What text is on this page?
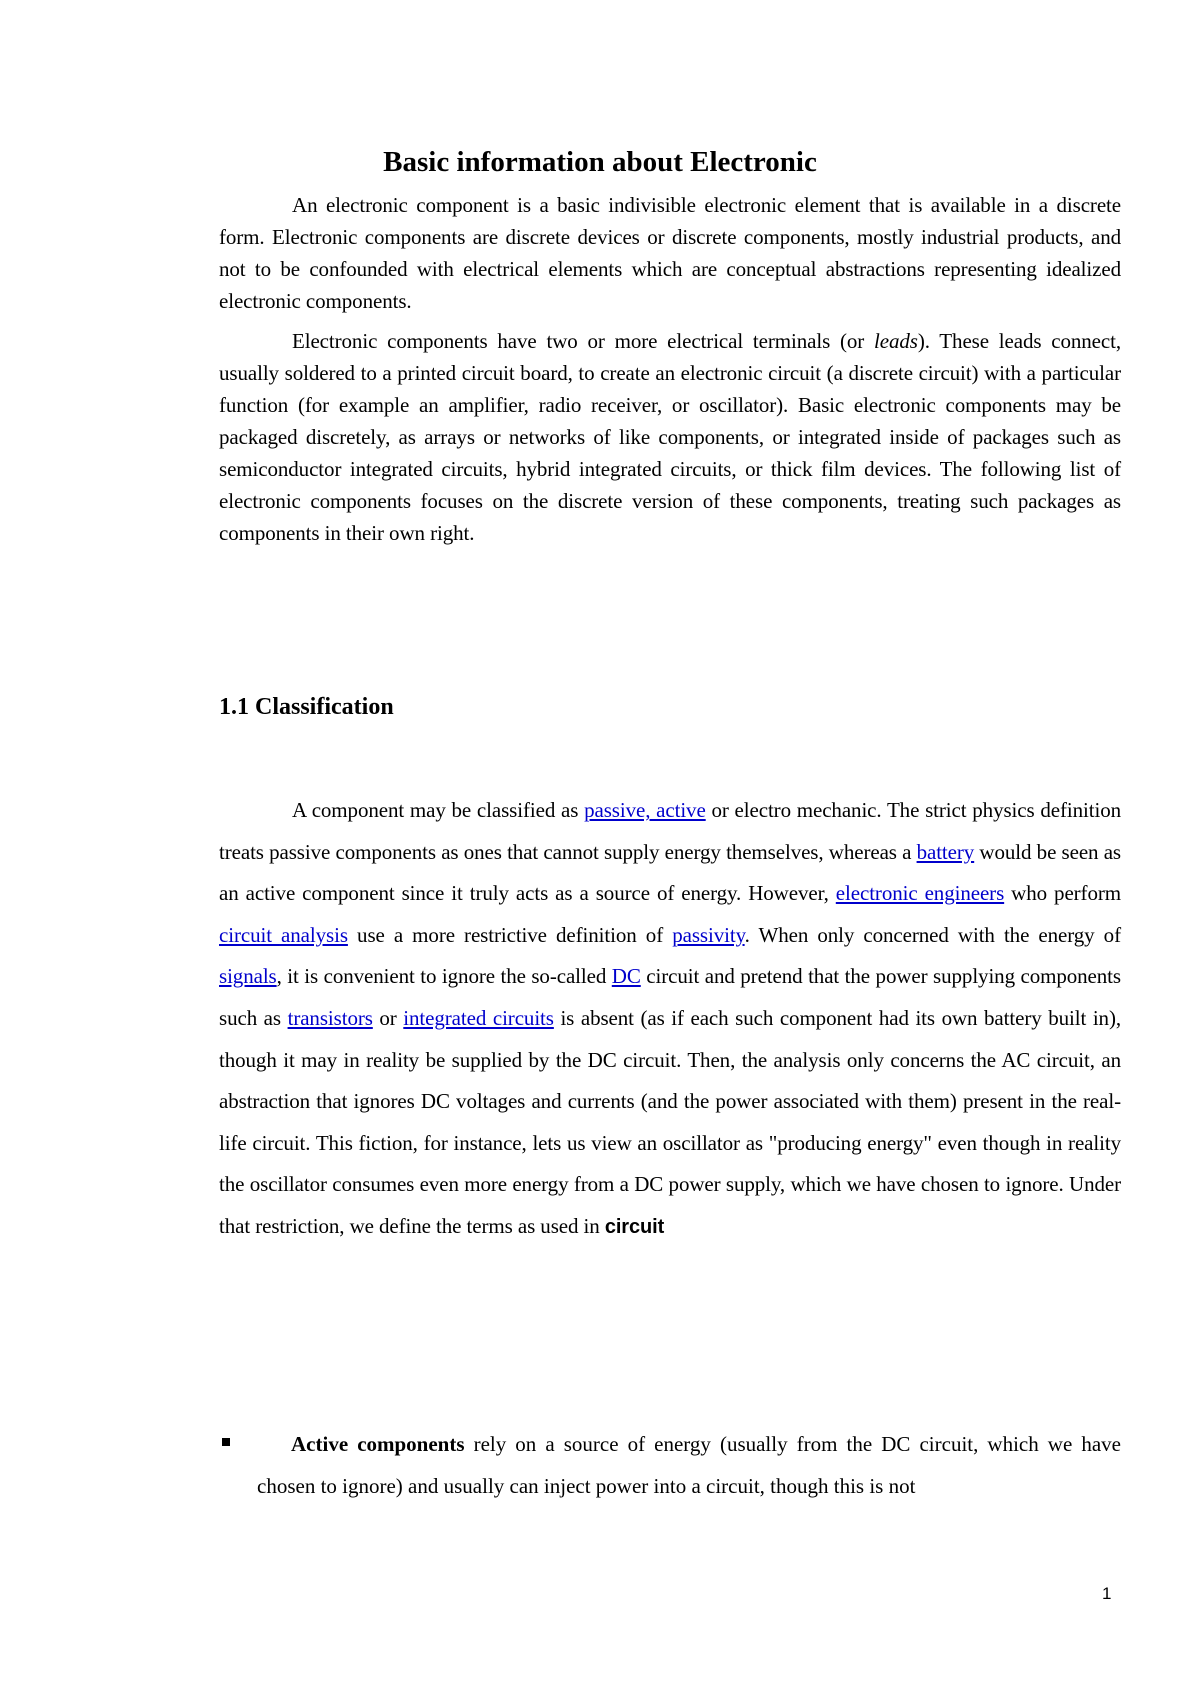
Basic information about Electronic

An electronic component is a basic indivisible electronic element that is available in a discrete form. Electronic components are discrete devices or discrete components, mostly industrial products, and not to be confounded with electrical elements which are conceptual abstractions representing idealized electronic components.

Electronic components have two or more electrical terminals (or leads). These leads connect, usually soldered to a printed circuit board, to create an electronic circuit (a discrete circuit) with a particular function (for example an amplifier, radio receiver, or oscillator). Basic electronic components may be packaged discretely, as arrays or networks of like components, or integrated inside of packages such as semiconductor integrated circuits, hybrid integrated circuits, or thick film devices. The following list of electronic components focuses on the discrete version of these components, treating such packages as components in their own right.

1.1 Classification

A component may be classified as passive, active or electro mechanic. The strict physics definition treats passive components as ones that cannot supply energy themselves, whereas a battery would be seen as an active component since it truly acts as a source of energy. However, electronic engineers who perform circuit analysis use a more restrictive definition of passivity. When only concerned with the energy of signals, it is convenient to ignore the so-called DC circuit and pretend that the power supplying components such as transistors or integrated circuits is absent (as if each such component had its own battery built in), though it may in reality be supplied by the DC circuit. Then, the analysis only concerns the AC circuit, an abstraction that ignores DC voltages and currents (and the power associated with them) present in the real-life circuit. This fiction, for instance, lets us view an oscillator as "producing energy" even though in reality the oscillator consumes even more energy from a DC power supply, which we have chosen to ignore. Under that restriction, we define the terms as used in circuit

Active components rely on a source of energy (usually from the DC circuit, which we have chosen to ignore) and usually can inject power into a circuit, though this is not

1
